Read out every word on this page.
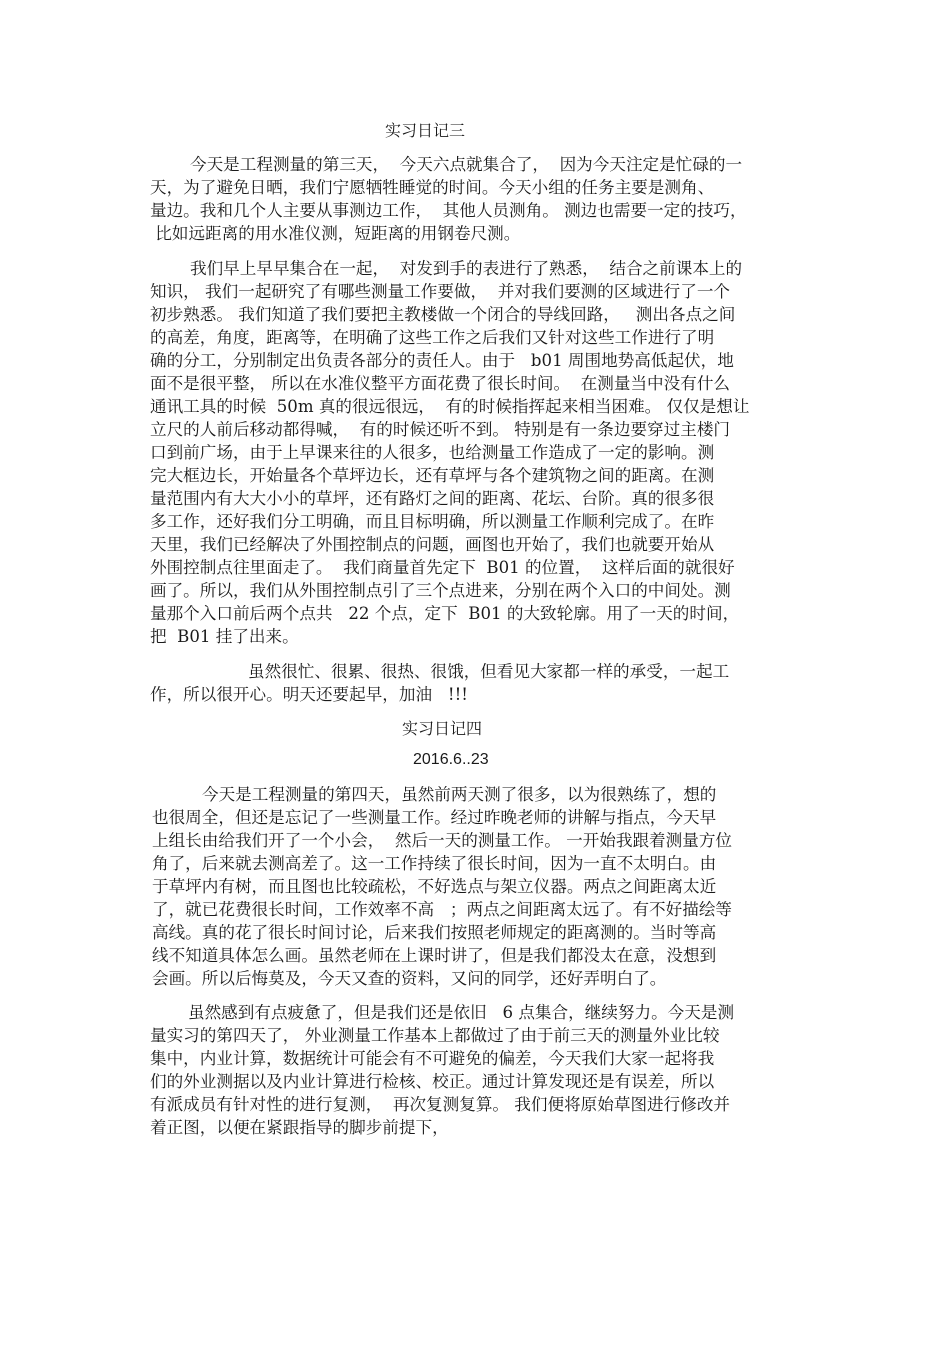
实习日记三
今天是工程测量的第三天，  今天六点就集合了，  因为今天注定是忙碌的一
天，为了避免日晒，我们宁愿牺牲睡觉的时间。今天小组的任务主要是测角、
量边。我和几个人主要从事测边工作，  其他人员测角。 测边也需要一定的技巧，
比如远距离的用水准仪测，短距离的用钢卷尺测。
我们早上早早集合在一起，  对发到手的表进行了熟悉，  结合之前课本上的
知识， 我们一起研究了有哪些测量工作要做，  并对我们要测的区域进行了一个
初步熟悉。 我们知道了我们要把主教楼做一个闭合的导线回路，   测出各点之间
的高差，角度，距离等，在明确了这些工作之后我们又针对这些工作进行了明
确的分工，分别制定出负责各部分的责任人。由于   b01 周围地势高低起伏，地
面不是很平整， 所以在水准仪整平方面花费了很长时间。  在测量当中没有什么
通讯工具的时候  50m 真的很远很远，  有的时候指挥起来相当困难。 仅仅是想让
立尺的人前后移动都得喊，  有的时候还听不到。 特别是有一条边要穿过主楼门
口到前广场，由于上早课来往的人很多，也给测量工作造成了一定的影响。测
完大框边长，开始量各个草坪边长，还有草坪与各个建筑物之间的距离。在测
量范围内有大大小小的草坪，还有路灯之间的距离、花坛、台阶。真的很多很
多工作，还好我们分工明确，而且目标明确，所以测量工作顺利完成了。在昨
天里，我们已经解决了外围控制点的问题，画图也开始了，我们也就要开始从
外围控制点往里面走了。  我们商量首先定下  B01 的位置，  这样后面的就很好
画了。所以，我们从外围控制点引了三个点进来，分别在两个入口的中间处。测
量那个入口前后两个点共   22 个点，定下  B01 的大致轮廓。用了一天的时间，
把  B01 挂了出来。
虽然很忙、很累、很热、很饿，但看见大家都一样的承受，一起工
作，所以很开心。明天还要起早，加油   !!!
实习日记四
2016.6..23
今天是工程测量的第四天，虽然前两天测了很多，以为很熟练了，想的
也很周全，但还是忘记了一些测量工作。经过昨晚老师的讲解与指点，今天早
上组长由给我们开了一个小会，  然后一天的测量工作。 一开始我跟着测量方位
角了，后来就去测高差了。这一工作持续了很长时间，因为一直不太明白。由
于草坪内有树，而且图也比较疏松，不好选点与架立仪器。两点之间距离太近
了，就已花费很长时间，工作效率不高   ；两点之间距离太远了。有不好描绘等
高线。真的花了很长时间讨论，后来我们按照老师规定的距离测的。当时等高
线不知道具体怎么画。虽然老师在上课时讲了，但是我们都没太在意，没想到
会画。所以后悔莫及，今天又查的资料，又问的同学，还好弄明白了。
虽然感到有点疲惫了，但是我们还是依旧   6 点集合，继续努力。今天是测
量实习的第四天了， 外业测量工作基本上都做过了由于前三天的测量外业比较
集中，内业计算，数据统计可能会有不可避免的偏差，今天我们大家一起将我
们的外业测据以及内业计算进行检核、校正。通过计算发现还是有误差，所以
有派成员有针对性的进行复测，  再次复测复算。 我们便将原始草图进行修改并
着正图，以便在紧跟指导的脚步前提下，
